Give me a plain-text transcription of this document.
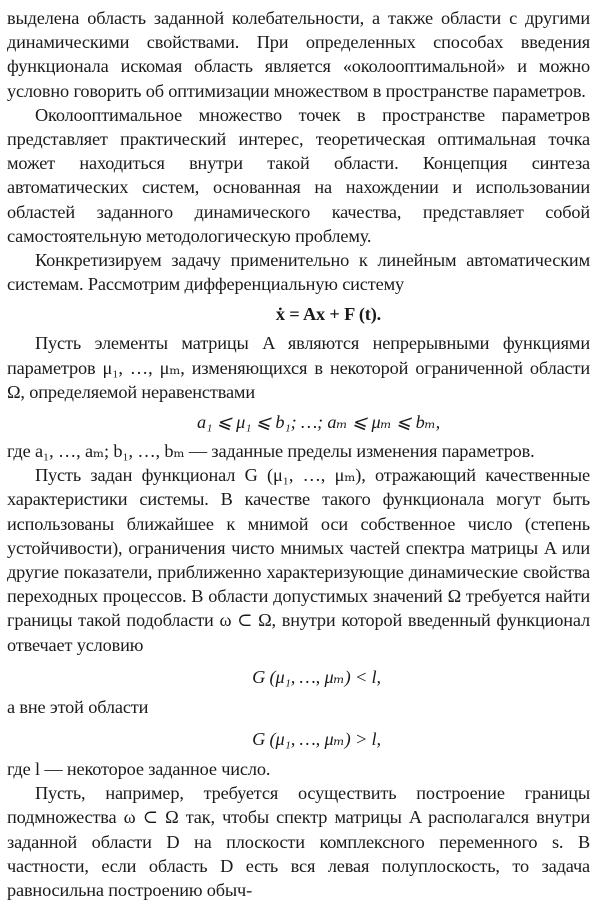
выделена область заданной колебательности, а также области с другими динамическими свойствами. При определенных способах введения функционала искомая область является «околооптимальной» и можно условно говорить об оптимизации множеством в пространстве параметров.

Околооптимальное множество точек в пространстве параметров представляет практический интерес, теоретическая оптимальная точка может находиться внутри такой области. Концепция синтеза автоматических систем, основанная на нахождении и использовании областей заданного динамического качества, представляет собой самостоятельную методологическую проблему.

Конкретизируем задачу применительно к линейным автоматическим системам. Рассмотрим дифференциальную систему

ẋ = Ax + F (t).

Пусть элементы матрицы A являются непрерывными функциями параметров μ₁, …, μₘ, изменяющихся в некоторой ограниченной области Ω, определяемой неравенствами

a₁ ⩽ μ₁ ⩽ b₁; …; aₘ ⩽ μₘ ⩽ bₘ,

где a₁, …, aₘ; b₁, …, bₘ — заданные пределы изменения параметров.

Пусть задан функционал G (μ₁, …, μₘ), отражающий качественные характеристики системы. В качестве такого функционала могут быть использованы ближайшее к мнимой оси собственное число (степень устойчивости), ограничения чисто мнимых частей спектра матрицы A или другие показатели, приближенно характеризующие динамические свойства переходных процессов. В области допустимых значений Ω требуется найти границы такой подобласти ω ⊂ Ω, внутри которой введенный функционал отвечает условию

G (μ₁, …, μₘ) < l,

а вне этой области

G (μ₁, …, μₘ) > l,

где l — некоторое заданное число.

Пусть, например, требуется осуществить построение границы подмножества ω ⊂ Ω так, чтобы спектр матрицы A располагался внутри заданной области D на плоскости комплексного переменного s. В частности, если область D есть вся левая полуплоскость, то задача равносильна построению обыч-
